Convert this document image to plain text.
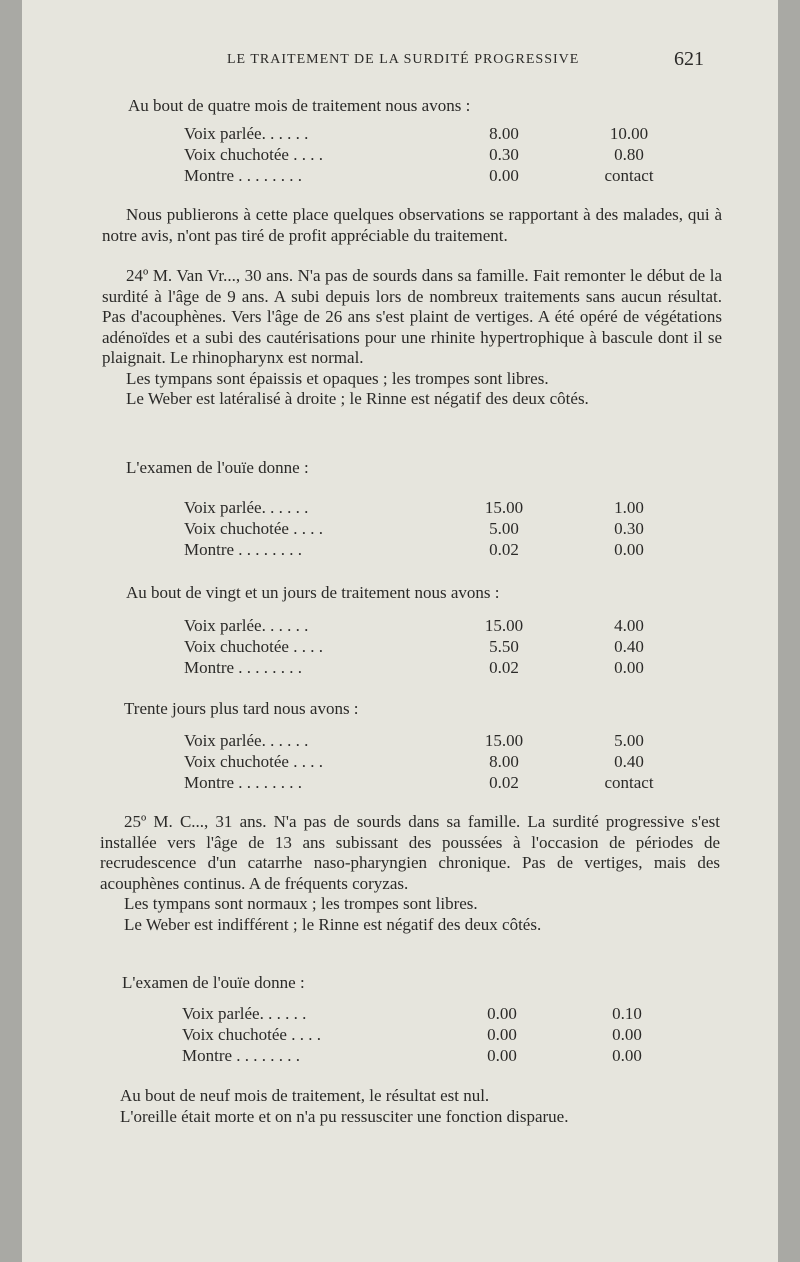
LE TRAITEMENT DE LA SURDITÉ PROGRESSIVE	621
Au bout de quatre mois de traitement nous avons :
Voix parlée. . . . . .	8.00	10.00
Voix chuchotée . . . .	0.30	0.80
Montre . . . . . . . .	0.00	contact

Nous publierons à cette place quelques observations se rapportant à des malades, qui à notre avis, n'ont pas tiré de profit appréciable du traitement.

24º M. Van Vr..., 30 ans. N'a pas de sourds dans sa famille. Fait remonter le début de la surdité à l'âge de 9 ans. A subi depuis lors de nombreux traitements sans aucun résultat. Pas d'acouphènes. Vers l'âge de 26 ans s'est plaint de vertiges. A été opéré de végétations adénoïdes et a subi des cautérisations pour une rhinite hypertrophique à bascule dont il se plaignait. Le rhinopharynx est normal.

Les tympans sont épaissis et opaques ; les trompes sont libres.

Le Weber est latéralisé à droite ; le Rinne est négatif des deux côtés.

L'examen de l'ouïe donne :
Voix parlée. . . . . .	15.00	1.00
Voix chuchotée . . . .	5.00	0.30
Montre . . . . . . . .	0.02	0.00
Au bout de vingt et un jours de traitement nous avons :
Voix parlée. . . . . .	15.00	4.00
Voix chuchotée . . . .	5.50	0.40
Montre . . . . . . . .	0.02	0.00
Trente jours plus tard nous avons :
Voix parlée. . . . . .	15.00	5.00
Voix chuchotée . . . .	8.00	0.40
Montre . . . . . . . .	0.02	contact

25º M. C..., 31 ans. N'a pas de sourds dans sa famille. La surdité progressive s'est installée vers l'âge de 13 ans subissant des poussées à l'occasion de périodes de recrudescence d'un catarrhe naso-pharyngien chronique. Pas de vertiges, mais des acouphènes continus. A de fréquents coryzas.

Les tympans sont normaux ; les trompes sont libres.

Le Weber est indifférent ; le Rinne est négatif des deux côtés.

L'examen de l'ouïe donne :
Voix parlée. . . . . .	0.00	0.10
Voix chuchotée . . . .	0.00	0.00
Montre . . . . . . . .	0.00	0.00
Au bout de neuf mois de traitement, le résultat est nul.
L'oreille était morte et on n'a pu ressusciter une fonction disparue.
